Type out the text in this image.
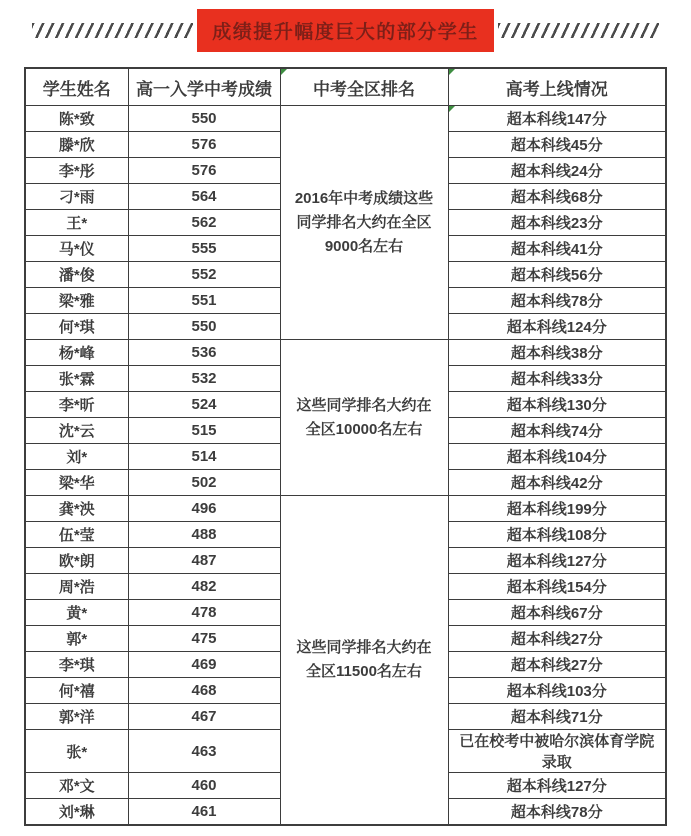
成绩提升幅度巨大的部分学生
学生姓名	高一入学中考成绩	中考全区排名	高考上线情况
陈*致	550	2016年中考成绩这些同学排名大约在全区9000名左右	超本科线147分
滕*欣	576		超本科线45分
李*彤	576		超本科线24分
刁*雨	564		超本科线68分
王*	562		超本科线23分
马*仪	555		超本科线41分
潘*俊	552		超本科线56分
梁*雅	551		超本科线78分
何*琪	550		超本科线124分
杨*峰	536	这些同学排名大约在全区10000名左右	超本科线38分
张*霖	532		超本科线33分
李*昕	524		超本科线130分
沈*云	515		超本科线74分
刘*	514		超本科线104分
梁*华	502		超本科线42分
龚*泱	496	这些同学排名大约在全区11500名左右	超本科线199分
伍*莹	488		超本科线108分
欧*朗	487		超本科线127分
周*浩	482		超本科线154分
黄*	478		超本科线67分
郭*	475		超本科线27分
李*琪	469		超本科线27分
何*禧	468		超本科线103分
郭*洋	467		超本科线71分
张*	463		已在校考中被哈尔滨体育学院录取
邓*文	460		超本科线127分
刘*琳	461		超本科线78分
